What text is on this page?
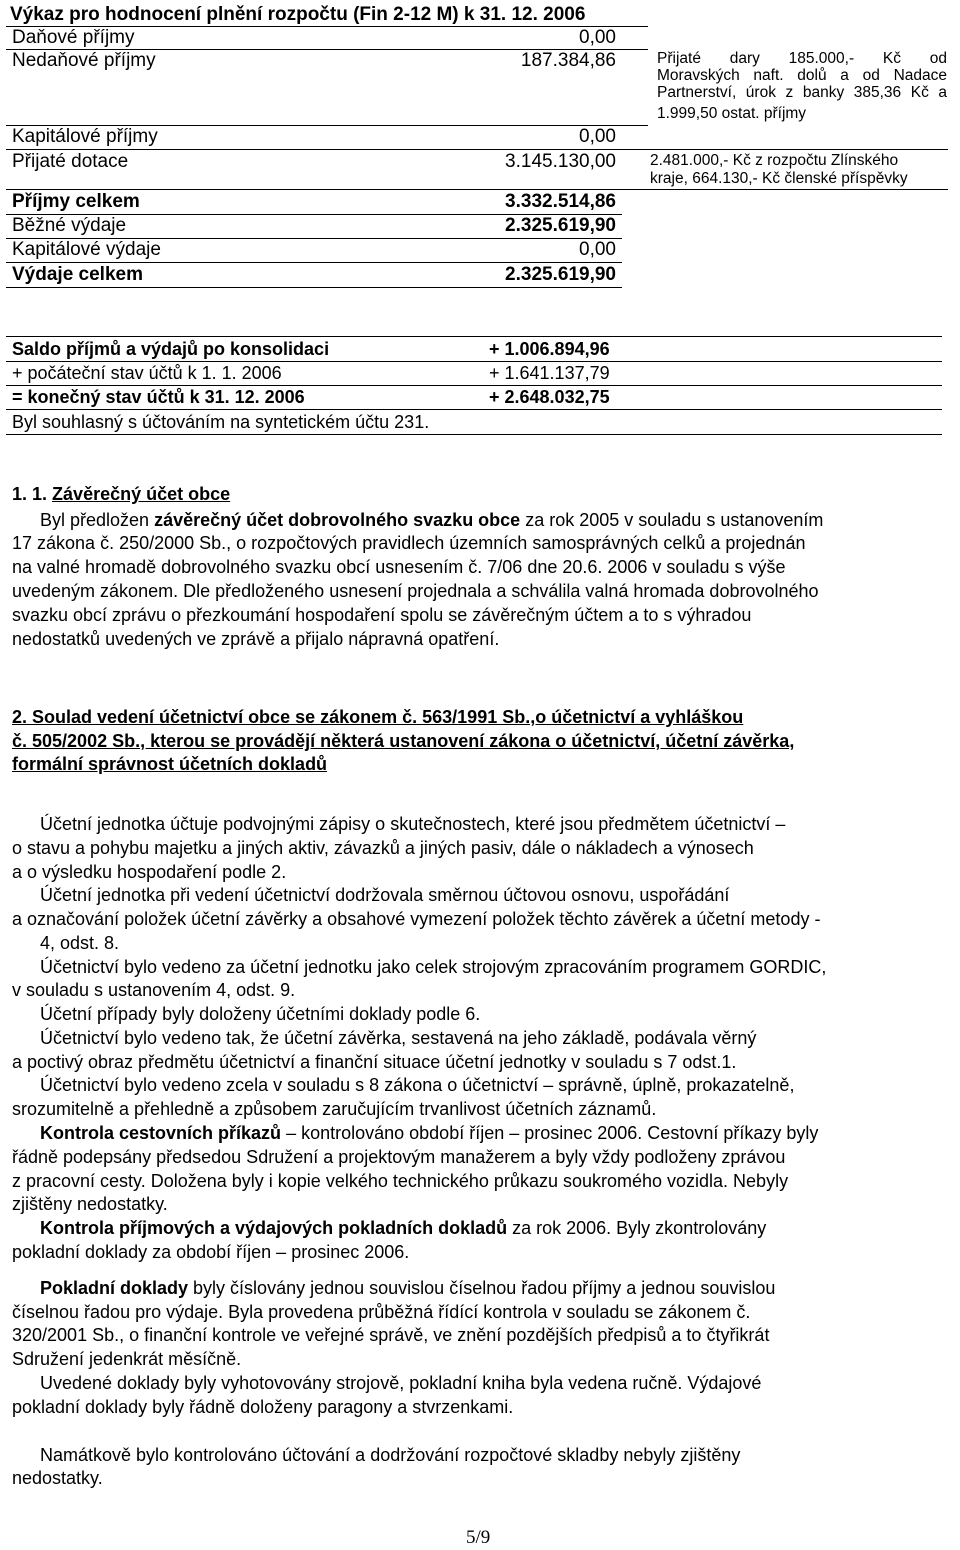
Výkaz pro hodnocení plnění rozpočtu (Fin 2-12 M) k 31. 12. 2006
Daňové příjmy	0,00
Nedaňové příjmy	187.384,86	Přijaté dary 185.000,- Kč od
Moravských naft. dolů a od Nadace
Partnerství, úrok z banky 385,36 Kč a
1.999,50 ostat. příjmy
Kapitálové příjmy	0,00
Přijaté dotace	3.145.130,00 2.481.000,- Kč z rozpočtu Zlínského
kraje, 664.130,- Kč členské příspěvky
Příjmy celkem	3.332.514,86
Běžné výdaje	2.325.619,90
Kapitálové výdaje	0,00
Výdaje celkem	2.325.619,90
Saldo příjmů a výdajů po konsolidaci	+ 1.006.894,96
+ počáteční stav účtů k 1. 1. 2006	+ 1.641.137,79
= konečný stav účtů k 31. 12. 2006	+ 2.648.032,75
Byl souhlasný s účtováním na syntetickém účtu 231.
1. 1. Závěrečný účet obce
Byl předložen závěrečný účet dobrovolného svazku obce za rok 2005 v souladu s ustanovením
17 zákona č. 250/2000 Sb., o rozpočtových pravidlech územních samosprávných celků a projednán
na valné hromadě dobrovolného svazku obcí usnesením č. 7/06 dne 20.6. 2006 v souladu s výše
uvedeným zákonem. Dle předloženého usnesení projednala a schválila valná hromada dobrovolného
svazku obcí zprávu o přezkoumání hospodaření spolu se závěrečným účtem a to s výhradou
nedostatků uvedených ve zprávě a přijalo nápravná opatření.
2. Soulad vedení účetnictví obce se zákonem č. 563/1991 Sb.,o účetnictví a vyhláškou
č. 505/2002 Sb., kterou se provádějí některá ustanovení zákona o účetnictví, účetní závěrka,
formální správnost účetních dokladů
Účetní jednotka účtuje podvojnými zápisy o skutečnostech, které jsou předmětem účetnictví –
o stavu a pohybu majetku a jiných aktiv, závazků a jiných pasiv, dále o nákladech a výnosech
a o výsledku hospodaření podle 2.
Účetní jednotka při vedení účetnictví dodržovala směrnou účtovou osnovu, uspořádání
a označování položek účetní závěrky a obsahové vymezení položek těchto závěrek a účetní metody -
4, odst. 8.
Účetnictví bylo vedeno za účetní jednotku jako celek strojovým zpracováním programem GORDIC,
v souladu s ustanovením 4, odst. 9.
Účetní případy byly doloženy účetními doklady podle 6.
Účetnictví bylo vedeno tak, že účetní závěrka, sestavená na jeho základě, podávala věrný
a poctivý obraz předmětu účetnictví a finanční situace účetní jednotky v souladu s 7 odst.1.
Účetnictví bylo vedeno zcela v souladu s 8 zákona o účetnictví – správně, úplně, prokazatelně,
srozumitelně a přehledně a způsobem zaručujícím trvanlivost účetních záznamů.
Kontrola cestovních příkazů – kontrolováno období říjen – prosinec 2006. Cestovní příkazy byly
řádně podepsány předsedou Sdružení a projektovým manažerem a byly vždy podloženy zprávou
z pracovní cesty. Doložena byly i kopie velkého technického průkazu soukromého vozidla. Nebyly
zjištěny nedostatky.
Kontrola příjmových a výdajových pokladních dokladů za rok 2006. Byly zkontrolovány
pokladní doklady za období říjen – prosinec 2006.
Pokladní doklady byly číslovány jednou souvislou číselnou řadou příjmy a jednou souvislou
číselnou řadou pro výdaje. Byla provedena průběžná řídící kontrola v souladu se zákonem č.
320/2001 Sb., o finanční kontrole ve veřejné správě, ve znění pozdějších předpisů a to čtyřikrát
Sdružení jedenkrát měsíčně.
Uvedené doklady byly vyhotovovány strojově, pokladní kniha byla vedena ručně. Výdajové
pokladní doklady byly řádně doloženy paragony a stvrzenkami.
Namátkově bylo kontrolováno účtování a dodržování rozpočtové skladby nebyly zjištěny
nedostatky.
5/9
